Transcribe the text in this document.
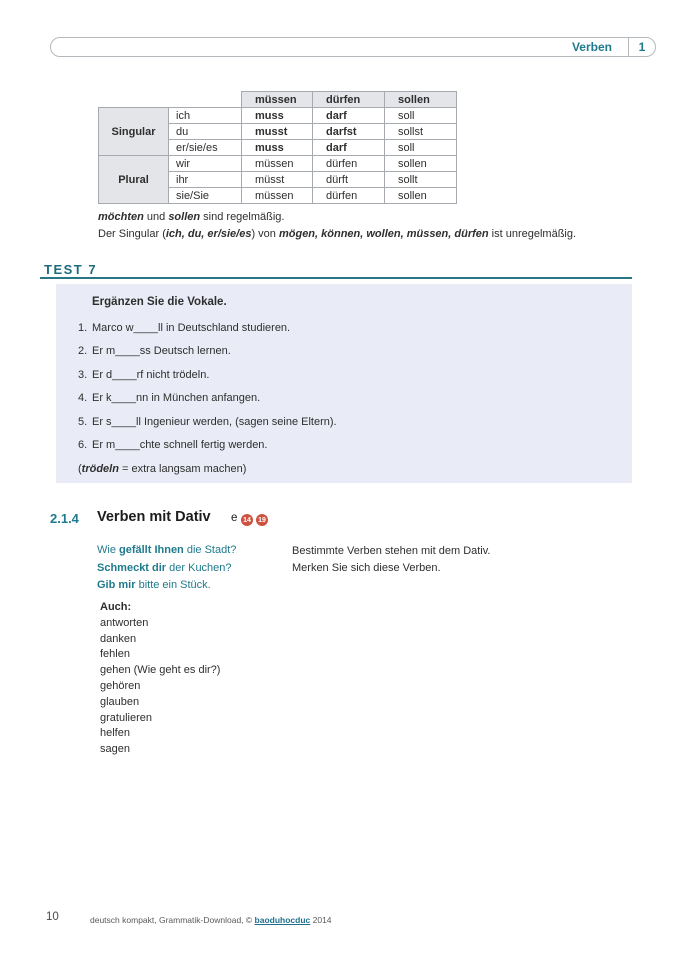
Verben	1
		müssen	dürfen	sollen
Singular	ich	muss	darf	soll
	du	musst	darfst	sollst
	er/sie/es	muss	darf	soll
Plural	wir	müssen	dürfen	sollen
	ihr	müsst	dürft	sollt
	sie/Sie	müssen	dürfen	sollen
möchten und sollen sind regelmäßig.
Der Singular (ich, du, er/sie/es) von mögen, können, wollen, müssen, dürfen ist unregelmäßig.
TEST 7
Ergänzen Sie die Vokale.
1. Marco w____ll in Deutschland studieren.
2. Er m____ss Deutsch lernen.
3. Er d____rf nicht trödeln.
4. Er k____nn in München anfangen.
5. Er s____ll Ingenieur werden, (sagen seine Eltern).
6. Er m____chte schnell fertig werden.
(trödeln = extra langsam machen)
2.1.4 Verben mit Dativ e 14	19
Wie gefällt Ihnen die Stadt?
Schmeckt dir der Kuchen?
Gib mir bitte ein Stück.
Bestimmte Verben stehen mit dem Dativ.
Merken Sie sich diese Verben.
Auch:
antworten
danken
fehlen
gehen (Wie geht es dir?)
gehören
glauben
gratulieren
helfen
sagen
10	deutsch kompakt, Grammatik-Download, © baoduhocduc 2014
